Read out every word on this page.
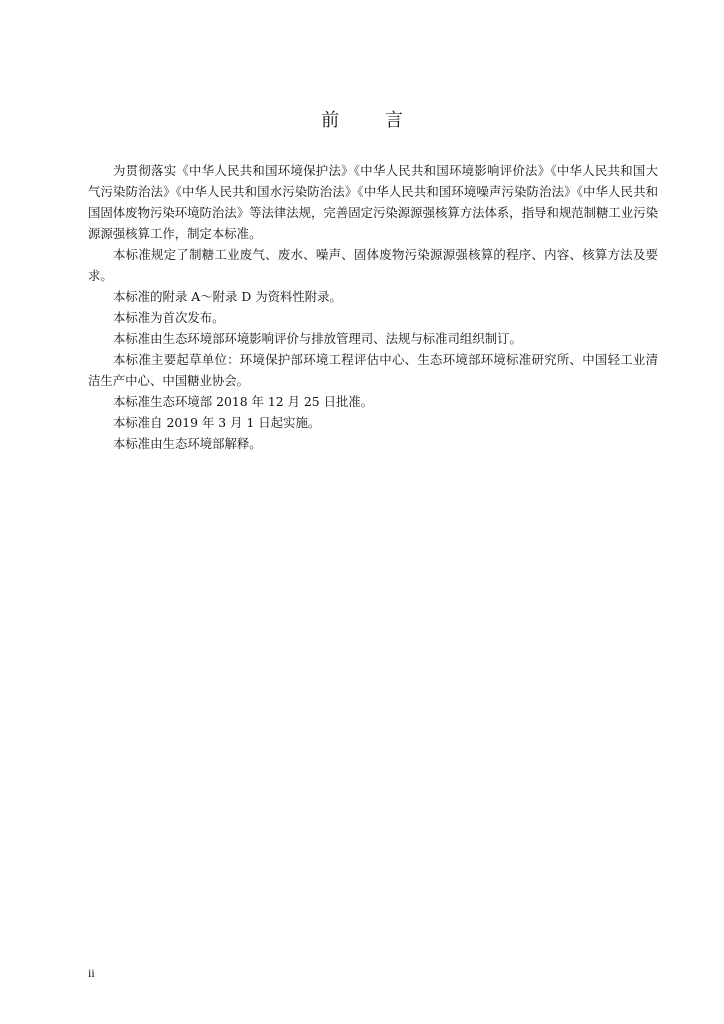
前 言

为贯彻落实《中华人民共和国环境保护法》《中华人民共和国环境影响评价法》《中华人民共和国大气污染防治法》《中华人民共和国水污染防治法》《中华人民共和国环境噪声污染防治法》《中华人民共和国固体废物污染环境防治法》等法律法规，完善固定污染源源强核算方法体系，指导和规范制糖工业污染源源强核算工作，制定本标准。

本标准规定了制糖工业废气、废水、噪声、固体废物污染源源强核算的程序、内容、核算方法及要求。

本标准的附录 A～附录 D 为资料性附录。

本标准为首次发布。

本标准由生态环境部环境影响评价与排放管理司、法规与标准司组织制订。

本标准主要起草单位：环境保护部环境工程评估中心、生态环境部环境标准研究所、中国轻工业清洁生产中心、中国糖业协会。

本标准生态环境部 2018 年 12 月 25 日批准。

本标准自 2019 年 3 月 1 日起实施。

本标准由生态环境部解释。

ii
